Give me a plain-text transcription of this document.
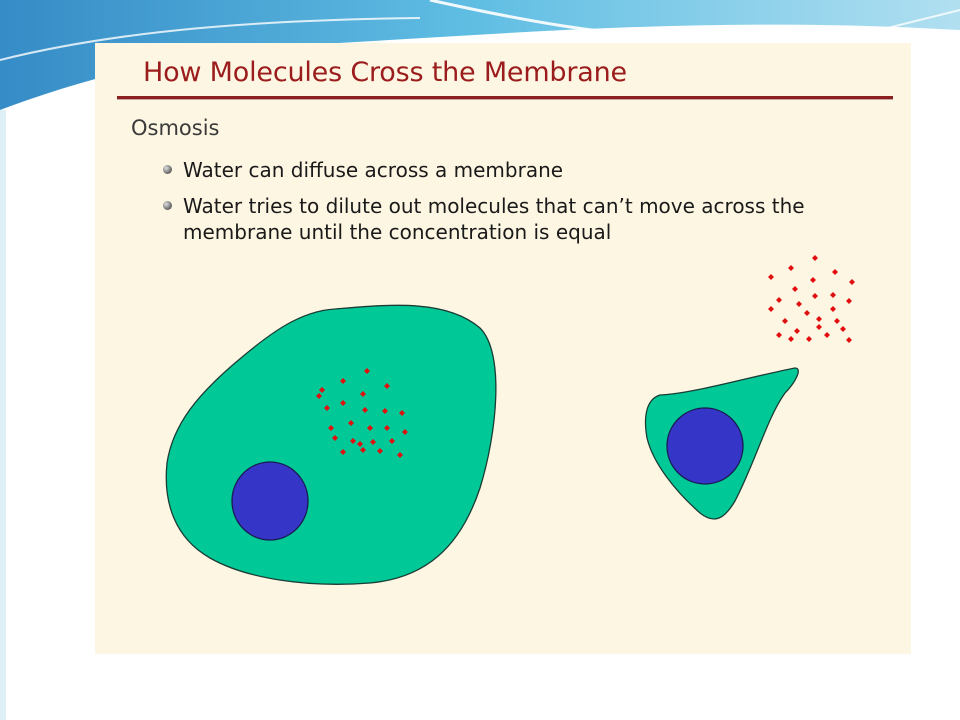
How Molecules Cross the Membrane
Osmosis
Water can diffuse across a membrane
Water tries to dilute out molecules that can’t move across the membrane until the concentration is equal
